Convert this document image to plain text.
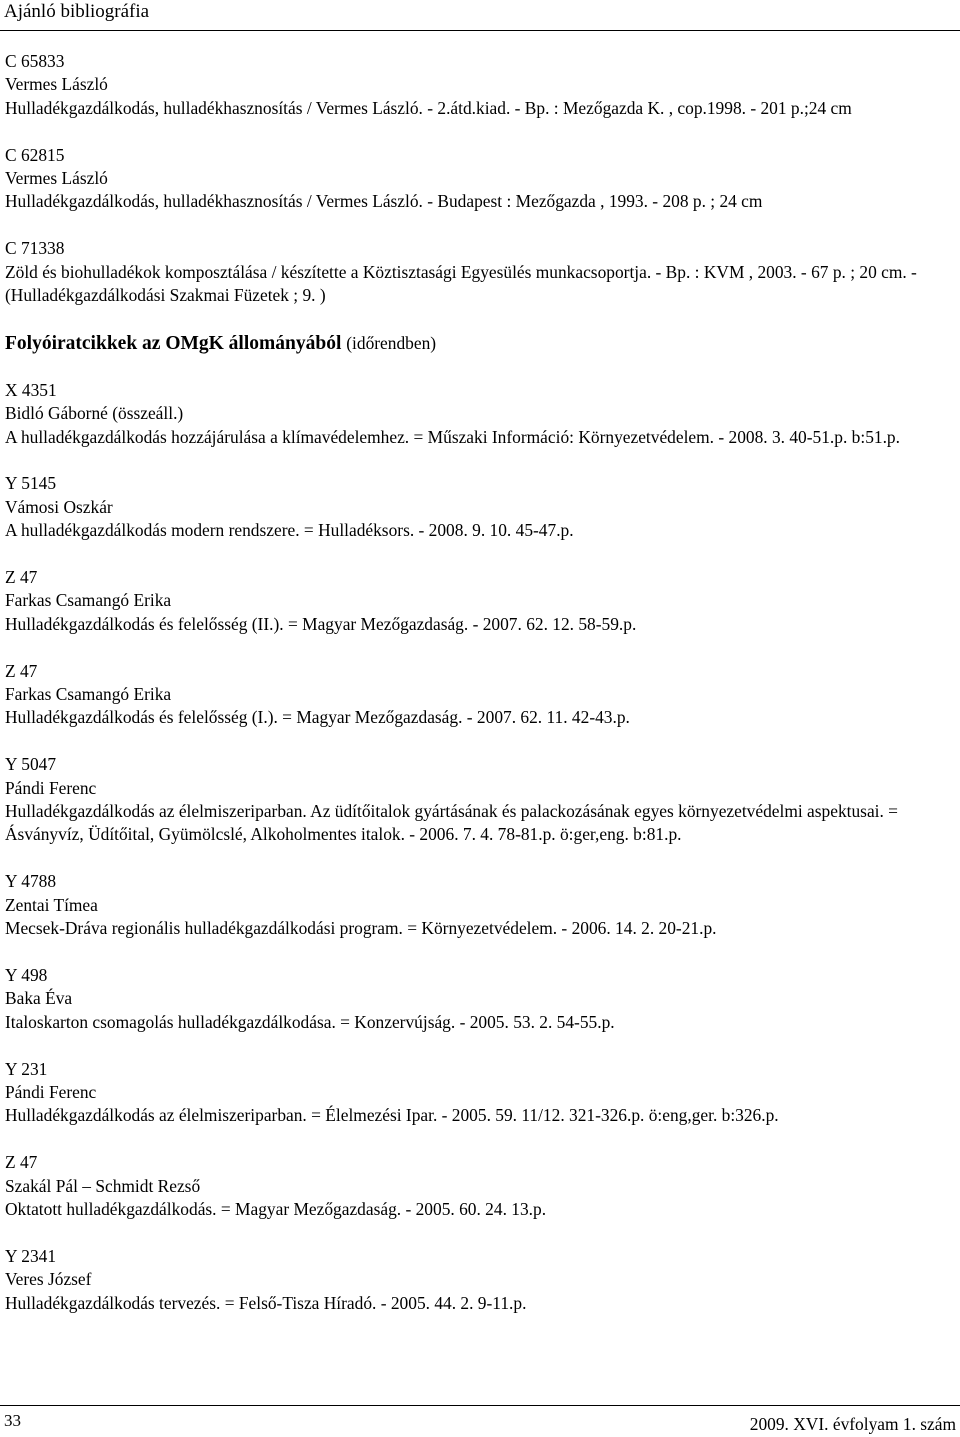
Ajánló bibliográfia
C 65833
Vermes László
Hulladékgazdálkodás, hulladékhasznosítás / Vermes László. - 2.átd.kiad. - Bp. : Mezőgazda K. , cop.1998. - 201 p.;24 cm
C 62815
Vermes László
Hulladékgazdálkodás, hulladékhasznosítás / Vermes László. - Budapest : Mezőgazda , 1993. - 208 p. ; 24 cm
C 71338
Zöld és biohulladékok komposztálása / készítette a Köztisztasági Egyesülés munkacsoportja. - Bp. : KVM , 2003. - 67 p. ; 20 cm. - (Hulladékgazdálkodási Szakmai Füzetek ; 9. )
Folyóiratcikkek az OMgK állományából (időrendben)
X 4351
Bidló Gáborné (összeáll.)
A hulladékgazdálkodás hozzájárulása a klímavédelemhez. = Műszaki Információ: Környezetvédelem. - 2008. 3. 40-51.p. b:51.p.
Y 5145
Vámosi Oszkár
A hulladékgazdálkodás modern rendszere. = Hulladéksors. - 2008. 9. 10. 45-47.p.
Z 47
Farkas Csamangó Erika
Hulladékgazdálkodás és felelősség (II.). = Magyar Mezőgazdaság. - 2007. 62. 12. 58-59.p.
Z 47
Farkas Csamangó Erika
Hulladékgazdálkodás és felelősség (I.). = Magyar Mezőgazdaság. - 2007. 62. 11. 42-43.p.
Y 5047
Pándi Ferenc
Hulladékgazdálkodás az élelmiszeriparban. Az üdítőitalok gyártásának és palackozásának egyes környezetvédelmi aspektusai. = Ásványvíz, Üdítőital, Gyümölcslé, Alkoholmentes italok. - 2006. 7. 4. 78-81.p. ö:ger,eng. b:81.p.
Y 4788
Zentai Tímea
Mecsek-Dráva regionális hulladékgazdálkodási program. = Környezetvédelem. - 2006. 14. 2. 20-21.p.
Y 498
Baka Éva
Italoskarton csomagolás hulladékgazdálkodása. = Konzervújság. - 2005. 53. 2. 54-55.p.
Y 231
Pándi Ferenc
Hulladékgazdálkodás az élelmiszeriparban. = Élelmezési Ipar. - 2005. 59. 11/12. 321-326.p. ö:eng,ger. b:326.p.
Z 47
Szakál Pál – Schmidt Rezső
Oktatott hulladékgazdálkodás. = Magyar Mezőgazdaság. - 2005. 60. 24. 13.p.
Y 2341
Veres József
Hulladékgazdálkodás tervezés. = Felső-Tisza Híradó. - 2005. 44. 2. 9-11.p.
33	2009. XVI. évfolyam 1. szám
